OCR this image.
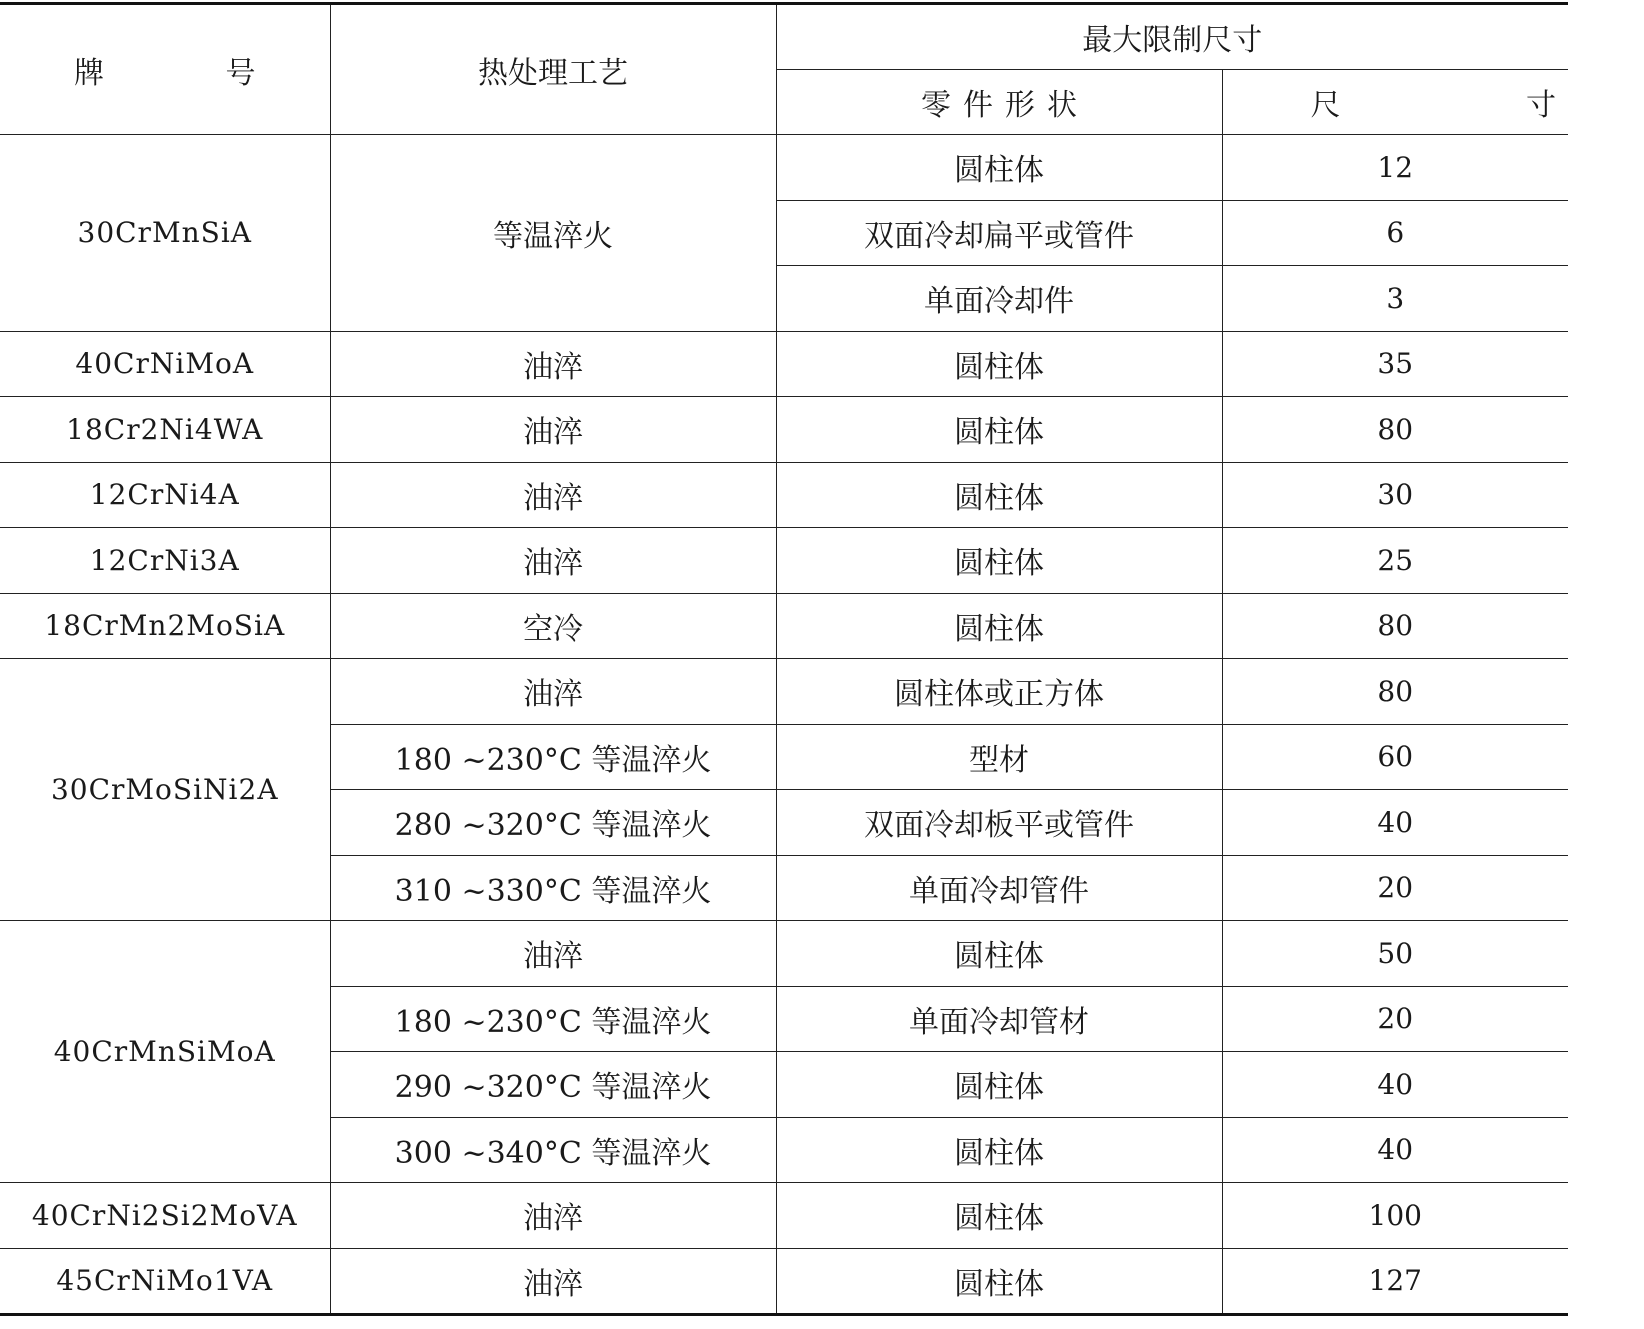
牌 号	热处理工艺	最大限制尺寸	
		零件形状	尺 寸
30CrMnSiA	等温淬火	圆柱体	12
		双面冷却扁平或管件	6
		单面冷却件	3
40CrNiMoA	油淬	圆柱体	35
18Cr2Ni4WA	油淬	圆柱体	80
12CrNi4A	油淬	圆柱体	30
12CrNi3A	油淬	圆柱体	25
18CrMn2MoSiA	空冷	圆柱体	80
30CrMoSiNi2A	油淬	圆柱体或正方体	80
	180 ~230°C 等温淬火	型材	60
	280 ~320°C 等温淬火	双面冷却板平或管件	40
	310 ~330°C 等温淬火	单面冷却管件	20
40CrMnSiMoA	油淬	圆柱体	50
	180 ~230°C 等温淬火	单面冷却管材	20
	290 ~320°C 等温淬火	圆柱体	40
	300 ~340°C 等温淬火	圆柱体	40
40CrNi2Si2MoVA	油淬	圆柱体	100
45CrNiMo1VA	油淬	圆柱体	127
